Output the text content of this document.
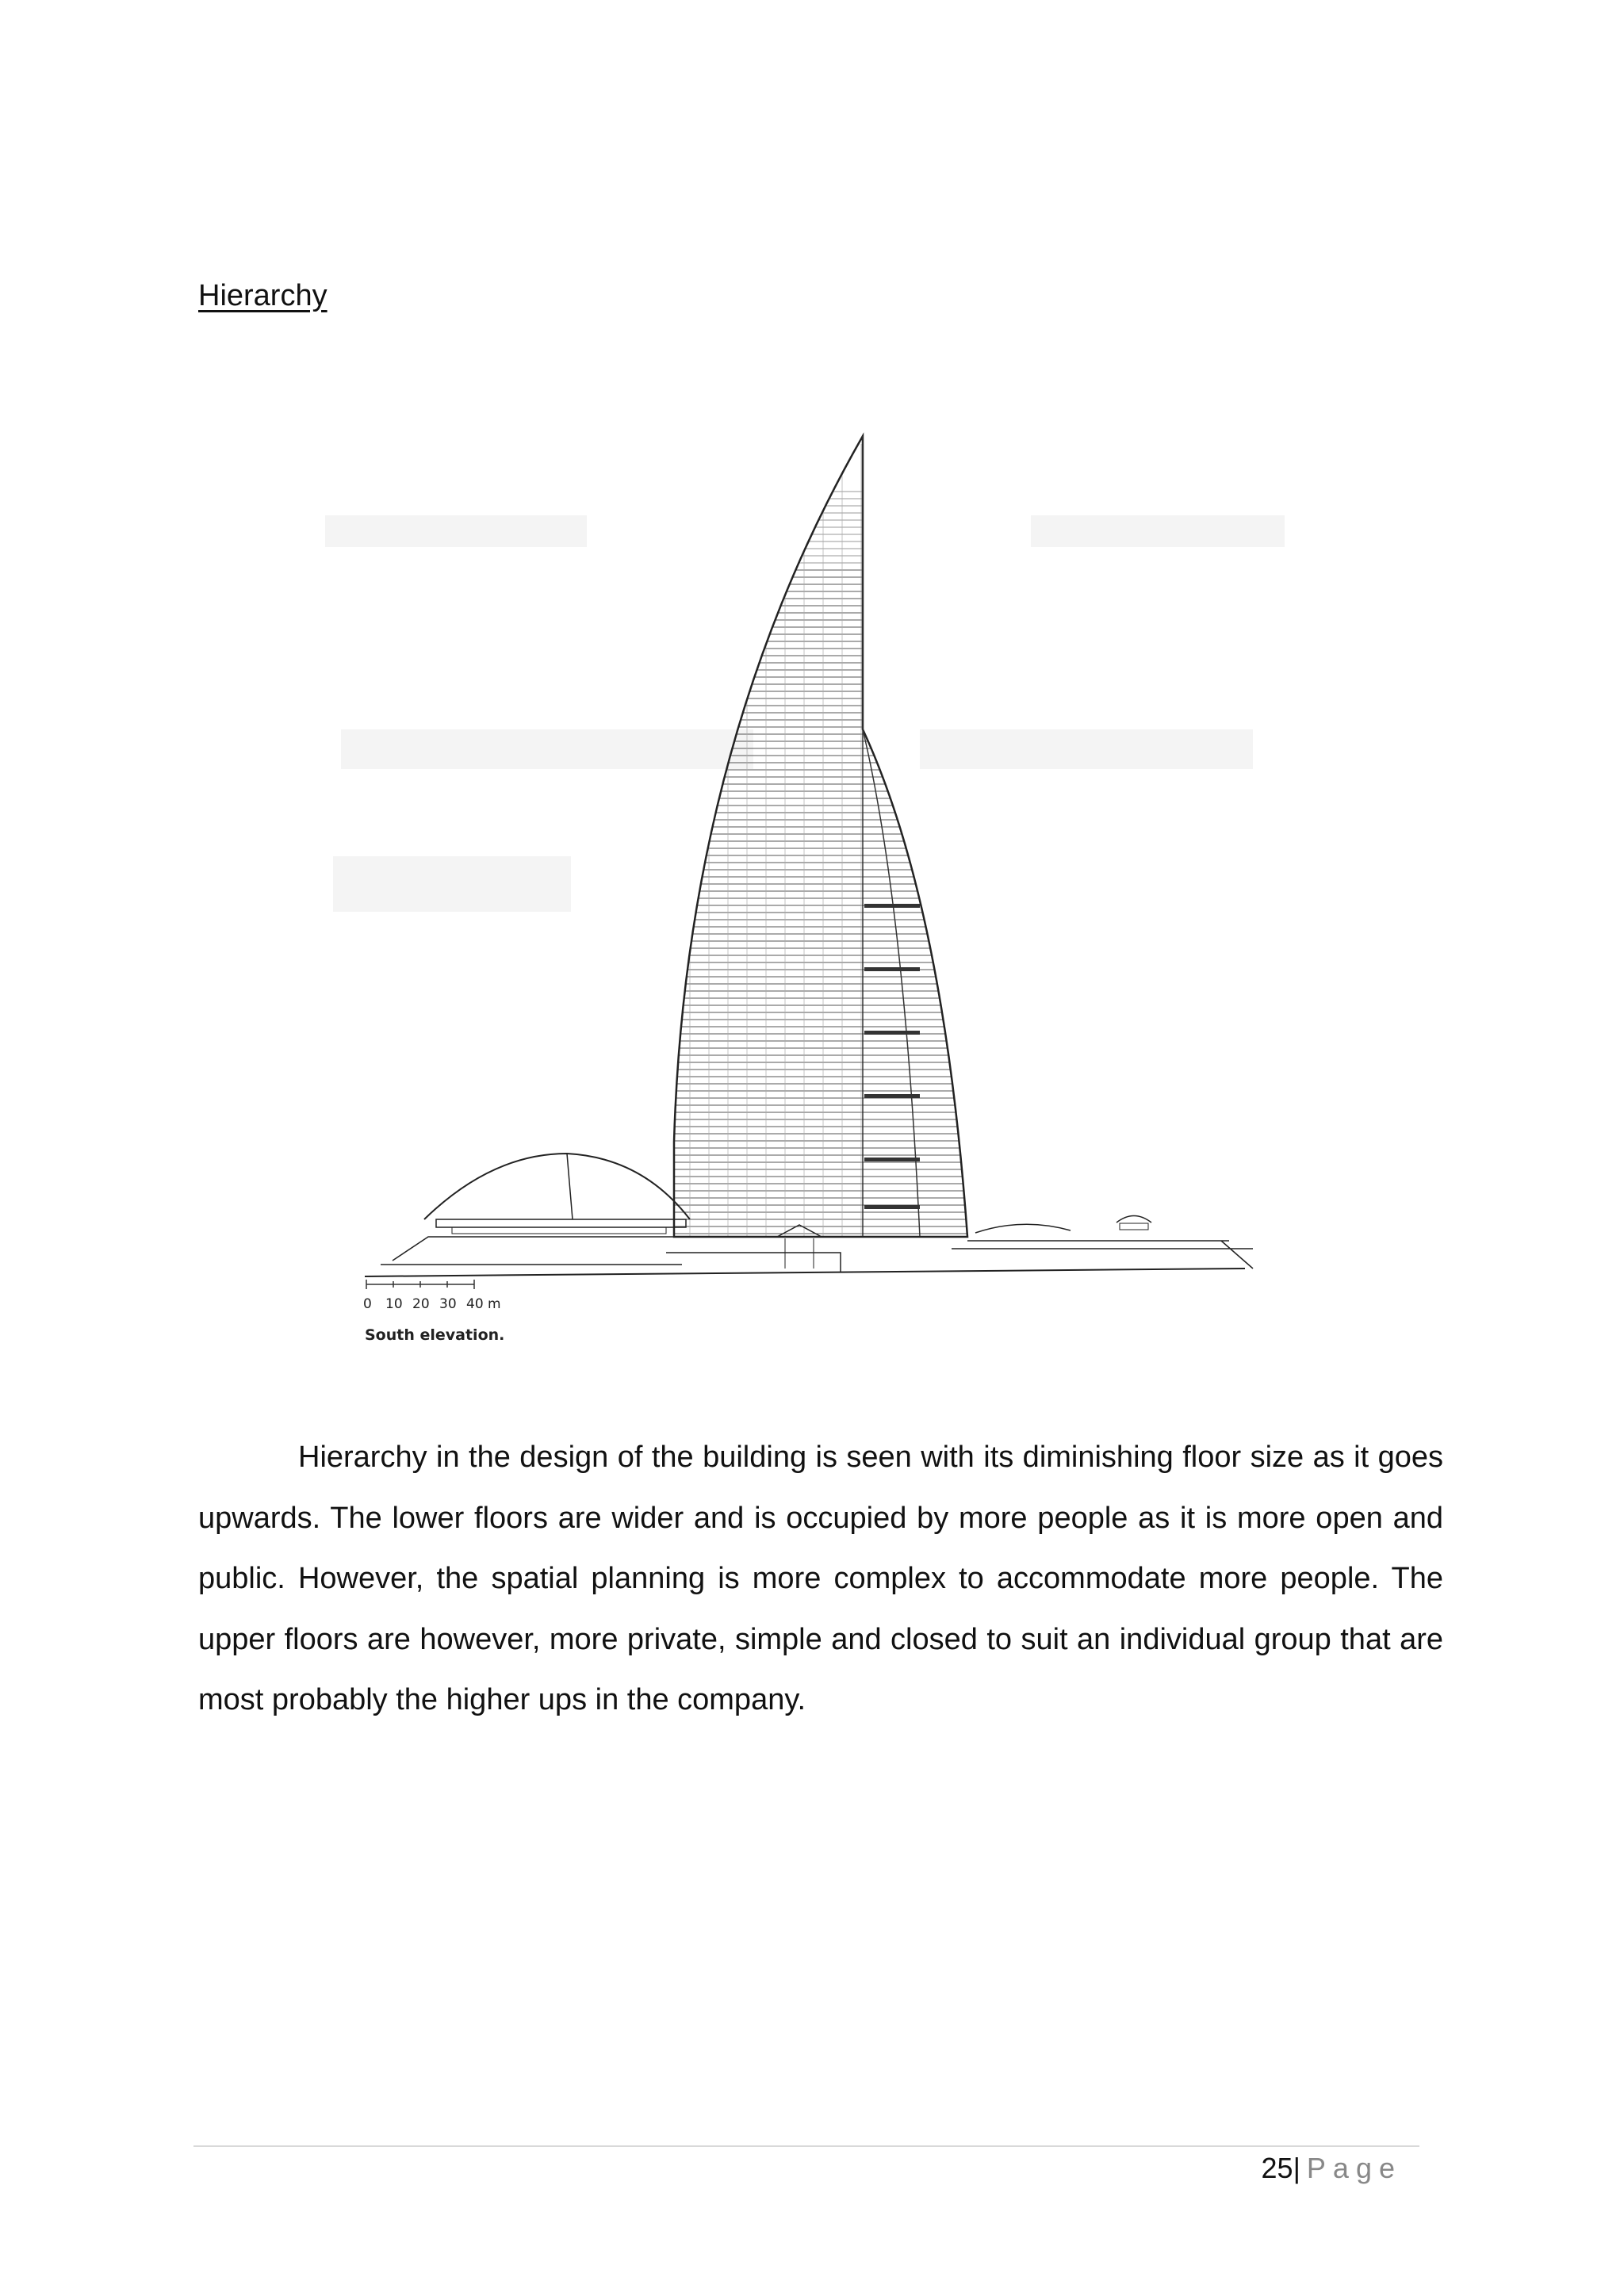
Hierarchy
0 10 20 30 40 m
South elevation.

Hierarchy in the design of the building is seen with its diminishing floor size as it goes upwards. The lower floors are wider and is occupied by more people as it is more open and public. However, the spatial planning is more complex to accommodate more people. The upper floors are however, more private, simple and closed to suit an individual group that are most probably the higher ups in the company.

25| Page
